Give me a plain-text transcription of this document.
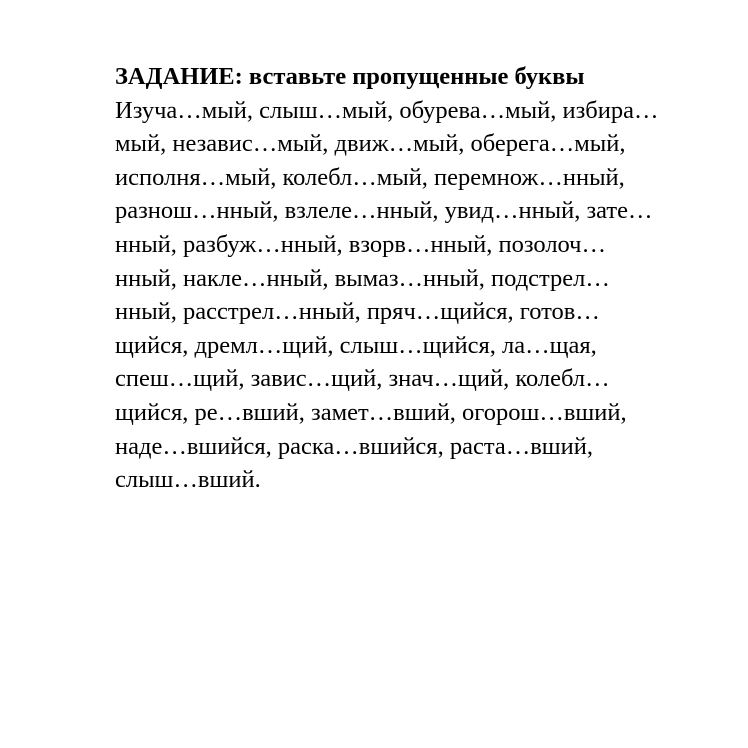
ЗАДАНИЕ: вставьте пропущенные буквы

Изуча…мый, слыш…мый, обурева…мый, избира…

мый, независ…мый, движ…мый, оберега…мый,

исполня…мый, колебл…мый, перемнож…нный,

разнош…нный, взлеле…нный, увид…нный, зате…

нный, разбуж…нный, взорв…нный, позолоч…

нный, накле…нный, вымаз…нный, подстрел…

нный, расстрел…нный, пряч…щийся, готов…

щийся, дремл…щий, слыш…щийся, ла…щая,

спеш…щий, завис…щий, знач…щий, колебл…

щийся, ре…вший, замет…вший, огорош…вший,

наде…вшийся, раска…вшийся, раста…вший,

слыш…вший.
